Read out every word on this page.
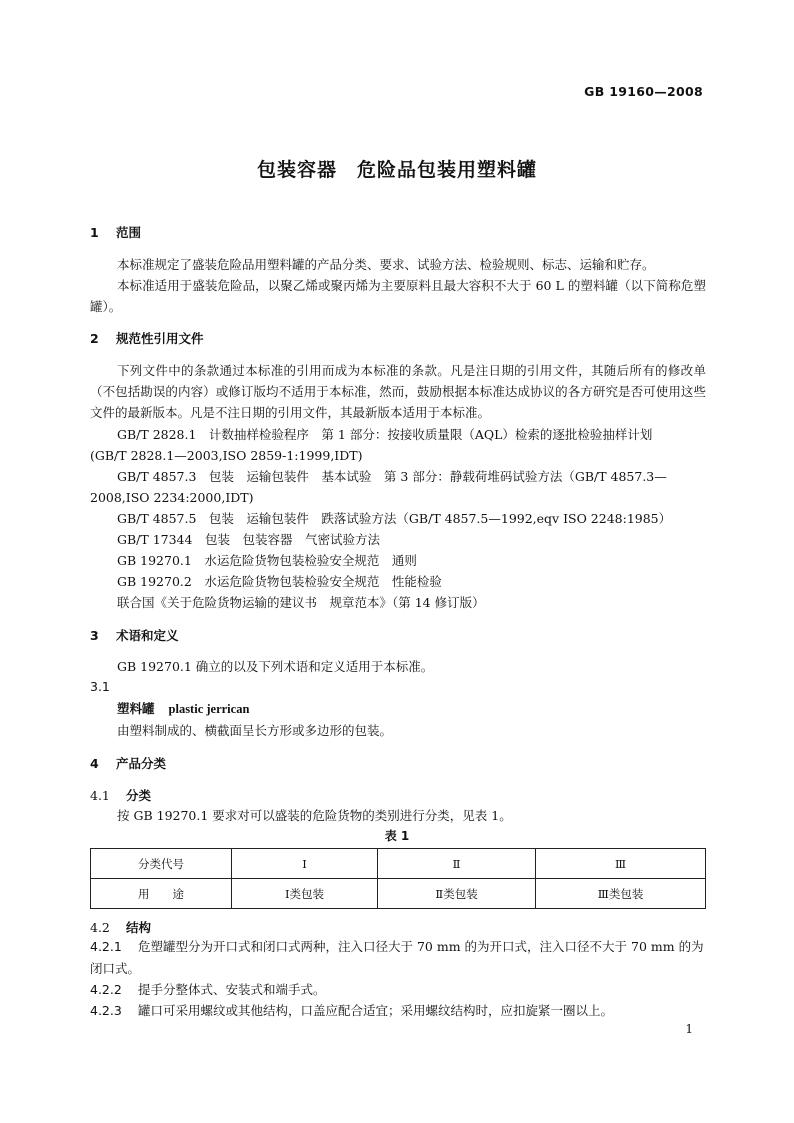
GB 19160—2008
包装容器　危险品包装用塑料罐
1 范围
本标准规定了盛装危险品用塑料罐的产品分类、要求、试验方法、检验规则、标志、运输和贮存。
本标准适用于盛装危险品，以聚乙烯或聚丙烯为主要原料且最大容积不大于 60 L 的塑料罐（以下简称危塑罐）。
2 规范性引用文件
下列文件中的条款通过本标准的引用而成为本标准的条款。凡是注日期的引用文件，其随后所有的修改单（不包括勘误的内容）或修订版均不适用于本标准，然而，鼓励根据本标准达成协议的各方研究是否可使用这些文件的最新版本。凡是不注日期的引用文件，其最新版本适用于本标准。
GB/T 2828.1　计数抽样检验程序　第 1 部分：按接收质量限（AQL）检索的逐批检验抽样计划
(GB/T 2828.1—2003,ISO 2859-1:1999,IDT)
GB/T 4857.3　包装　运输包装件　基本试验　第 3 部分：静载荷堆码试验方法（GB/T 4857.3—
2008,ISO 2234:2000,IDT)
GB/T 4857.5　包装　运输包装件　跌落试验方法（GB/T 4857.5—1992,eqv ISO 2248:1985）
GB/T 17344　包装　包装容器　气密试验方法
GB 19270.1　水运危险货物包装检验安全规范　通则
GB 19270.2　水运危险货物包装检验安全规范　性能检验
联合国《关于危险货物运输的建议书　规章范本》（第 14 修订版）
3 术语和定义
GB 19270.1 确立的以及下列术语和定义适用于本标准。
3.1
塑料罐 plastic jerrican
由塑料制成的、横截面呈长方形或多边形的包装。
4 产品分类
4.1 分类
按 GB 19270.1 要求对可以盛装的危险货物的类别进行分类，见表 1。
表 1
分类代号	Ⅰ	Ⅱ	Ⅲ
用　　途	Ⅰ类包装	Ⅱ类包装	Ⅲ类包装
4.2 结构
4.2.1 危塑罐型分为开口式和闭口式两种，注入口径大于 70 mm 的为开口式，注入口径不大于 70 mm 的为闭口式。
4.2.2 提手分整体式、安装式和端手式。
4.2.3 罐口可采用螺纹或其他结构，口盖应配合适宜；采用螺纹结构时，应扣旋紧一圈以上。
1
